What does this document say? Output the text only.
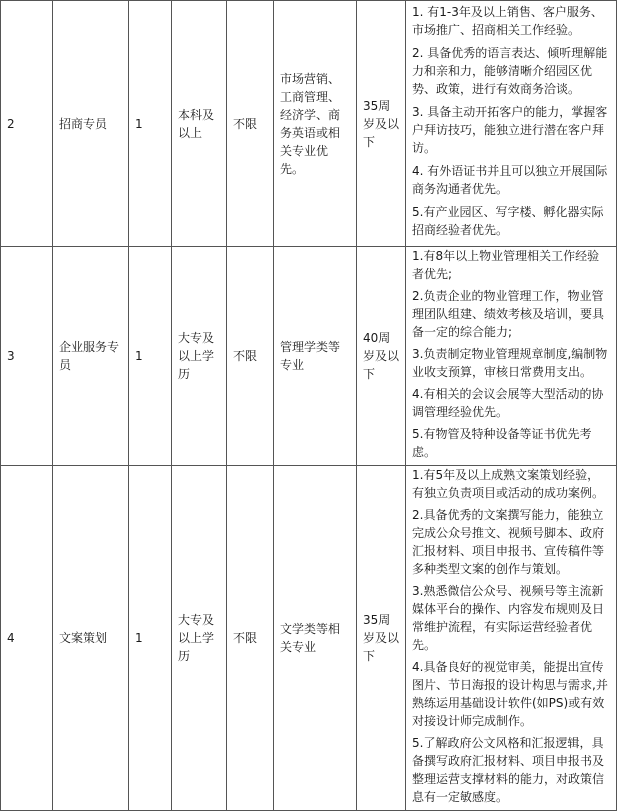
2	招商专员	1	本科及以上	不限	市场营销、工商管理、经济学、商务英语或相关专业优先。	35周岁及以下	1. 有1-3年及以上销售、客户服务、市场推广、招商相关工作经验。
2. 具备优秀的语言表达、倾听理解能力和亲和力，能够清晰介绍园区优势、政策，进行有效商务洽谈。
3. 具备主动开拓客户的能力，掌握客户拜访技巧，能独立进行潜在客户拜访。
4. 有外语证书并且可以独立开展国际商务沟通者优先。
5.有产业园区、写字楼、孵化器实际招商经验者优先。

3	企业服务专员	1	大专及以上学历	不限	管理学类等专业	40周岁及以下	1.有8年以上物业管理相关工作经验者优先;
2.负责企业的物业管理工作，物业管理团队组建、绩效考核及培训，要具备一定的综合能力;
3.负责制定物业管理规章制度,编制物业收支预算，审核日常费用支出。
4.有相关的会议会展等大型活动的协调管理经验优先。
5.有物管及特种设备等证书优先考虑。

4	文案策划	1	大专及以上学历	不限	文学类等相关专业	35周岁及以下	1.有5年及以上成熟文案策划经验，有独立负责项目或活动的成功案例。
2.具备优秀的文案撰写能力，能独立完成公众号推文、视频号脚本、政府汇报材料、项目申报书、宣传稿件等多种类型文案的创作与策划。
3.熟悉微信公众号、视频号等主流新媒体平台的操作、内容发布规则及日常维护流程，有实际运营经验者优先。
4.具备良好的视觉审美，能提出宣传图片、节日海报的设计构思与需求,并熟练运用基础设计软件(如PS)或有效对接设计师完成制作。
5.了解政府公文风格和汇报逻辑，具备撰写政府汇报材料、项目申报书及整理运营支撑材料的能力，对政策信息有一定敏感度。
